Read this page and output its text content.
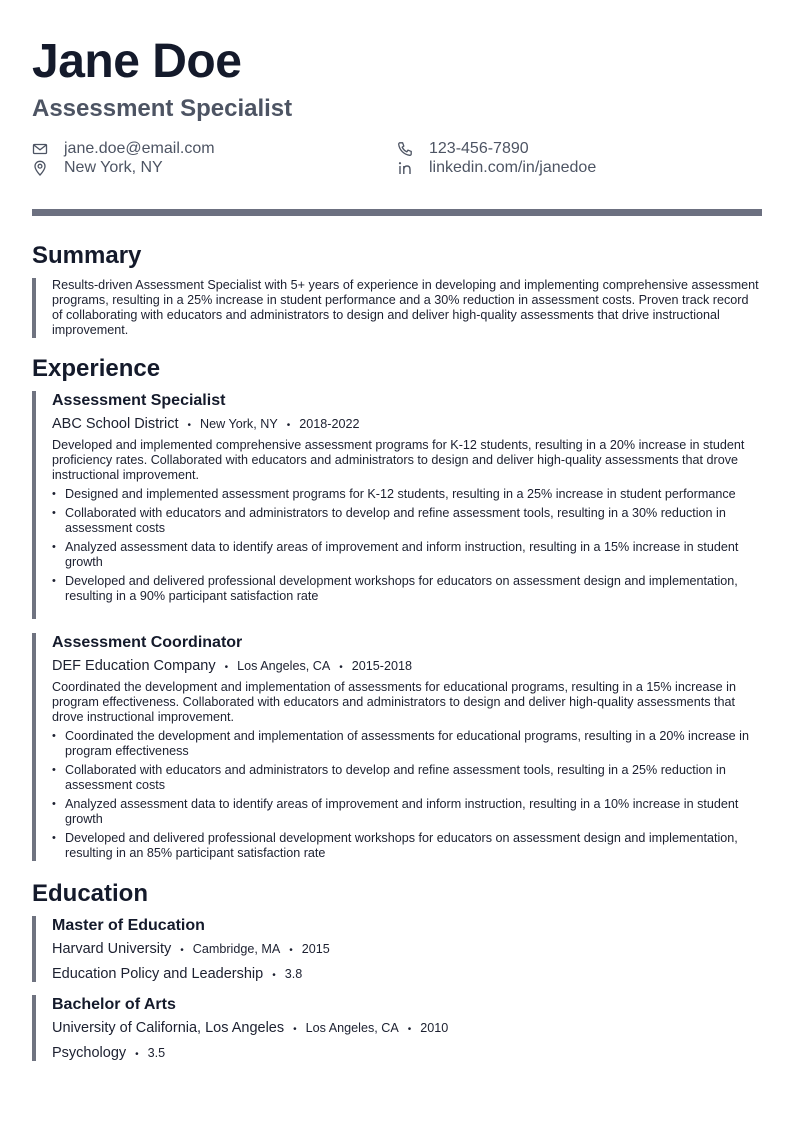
Jane Doe
Assessment Specialist
jane.doe@email.com	123-456-7890
New York, NY	linkedin.com/in/janedoe
Summary
Results-driven Assessment Specialist with 5+ years of experience in developing and implementing comprehensive assessment programs, resulting in a 25% increase in student performance and a 30% reduction in assessment costs. Proven track record of collaborating with educators and administrators to design and deliver high-quality assessments that drive instructional improvement.
Experience
Assessment Specialist
ABC School District • New York, NY • 2018-2022
Developed and implemented comprehensive assessment programs for K-12 students, resulting in a 20% increase in student proficiency rates. Collaborated with educators and administrators to design and deliver high-quality assessments that drove instructional improvement.
• Designed and implemented assessment programs for K-12 students, resulting in a 25% increase in student performance
• Collaborated with educators and administrators to develop and refine assessment tools, resulting in a 30% reduction in assessment costs
• Analyzed assessment data to identify areas of improvement and inform instruction, resulting in a 15% increase in student growth
• Developed and delivered professional development workshops for educators on assessment design and implementation, resulting in a 90% participant satisfaction rate
Assessment Coordinator
DEF Education Company • Los Angeles, CA • 2015-2018
Coordinated the development and implementation of assessments for educational programs, resulting in a 15% increase in program effectiveness. Collaborated with educators and administrators to design and deliver high-quality assessments that drove instructional improvement.
• Coordinated the development and implementation of assessments for educational programs, resulting in a 20% increase in program effectiveness
• Collaborated with educators and administrators to develop and refine assessment tools, resulting in a 25% reduction in assessment costs
• Analyzed assessment data to identify areas of improvement and inform instruction, resulting in a 10% increase in student growth
• Developed and delivered professional development workshops for educators on assessment design and implementation, resulting in an 85% participant satisfaction rate
Education
Master of Education
Harvard University • Cambridge, MA • 2015
Education Policy and Leadership • 3.8
Bachelor of Arts
University of California, Los Angeles • Los Angeles, CA • 2010
Psychology • 3.5
